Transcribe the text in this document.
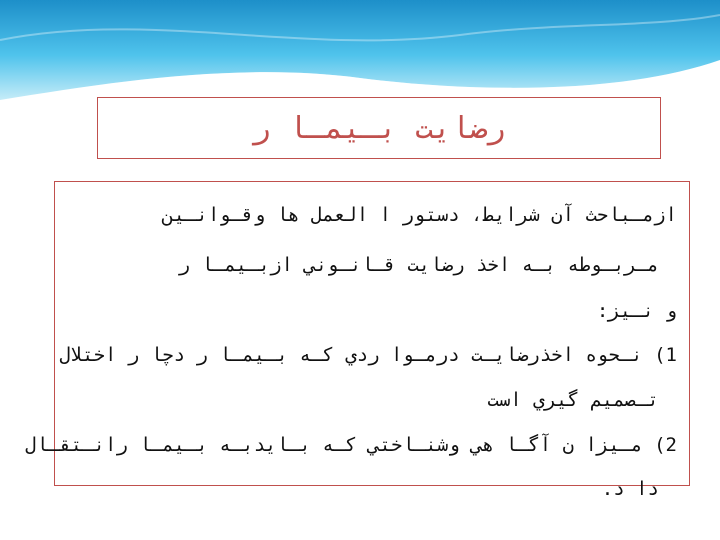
رضايت بـيمـا ر
ازمـباحث آن شرايط، دستور ا العمل ها وقـوانـين
مـربـوطه بـه اخذ رضايت قـانـوني ازبـيمـا ر
و نـيز:
1) نـحوه اخذرضايـت درمـوا ردي كـه بـيمـا ر دچا ر اختلال
تـصميم گيري است
2) مـيزا ن آگـا هي وشنـاختي كـه بـايدبـه بـيمـا رانـتقـال
دا د.
